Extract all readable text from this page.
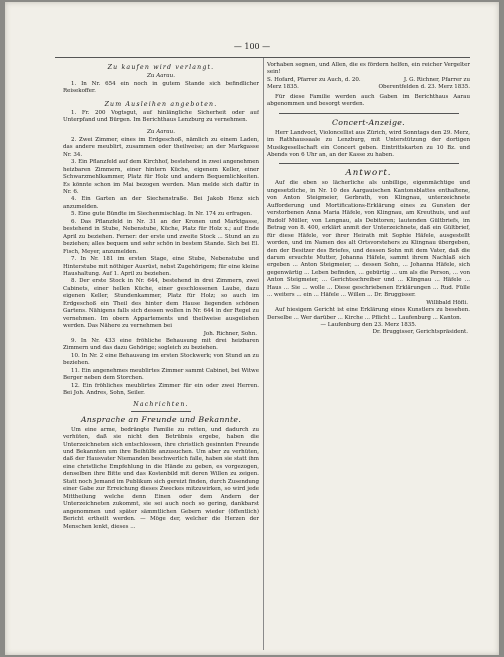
— 100 —
Zu kaufen wird verlangt.
Zu Aarau.

1. In Nr. 654 ein noch in gutem Stande sich befindlicher Reisekoffer.

Zum Ausleihen angeboten.

1. Fr. 200 Vogtsgut, auf hinlängliche Sicherheit oder auf Unterpfand und Bürgen. Im Berichthaus Lenzburg zu vernehmen.

Zu Aarau.

2. Zwei Zimmer, eines im Erdgeschoß, nämlich zu einem Laden, das andere meublirt, zusammen oder theilweise; an der Markgasse Nr. 34.

3. Ein Pflanzfeld auf dem Kirchhof, bestehend in zwei angenehmen heizbaren Zimmern, einer hintern Küche, eigenem Keller, einer Schwarzmehlkammer, Platz für Holz und andern Bequemlichkeiten. Es könnte schon im Mai bezogen werden. Man melde sich dafür in Nr. 6.

4. Ein Garten an der Siechenstraße. Bei Jakob Henz sich anzumelden.

5. Eine gute Bündte im Siechenmischlag. In Nr. 174 zu erfragen.

6. Das Pflanzfeld in Nr. 31 an der Kronen und Marktgasse, bestehend in Stube, Nebenstube, Küche, Platz für Holz x.; auf Ende April zu beziehen. Ferner: der erste und zweite Stock ... Stund an zu beziehen; alles bequem und sehr schön in bestem Stande. Sich bei El. Fisch, Meyer, anzumelden.

7. In Nr. 181 im ersten Stage, eine Stube, Nebenstube und Hinterstube mit nöthiger Ausrüst, nebst Zugehörigem; für eine kleine Haushaltung. Auf 1. April zu beziehen.

8. Der erste Stock in Nr. 644, bestehend in drei Zimmern, zwei Cabinets, einer hellen Küche, einer geschlossenen Laube, dazu eigenen Keller, Stundenkammer, Platz für Holz; so auch im Erdgeschoß ein Theil des hinter dem Hause liegenden schönen Gartens. Nähigens falls sich dessen wollen in Nr. 644 in der Regel zu vernehmen. Im obern Appartements und theilweise ausgeliehen werden. Das Nähere zu vernehmen bei

Joh. Richner, Sohn.

9. In Nr. 433 eine fröhliche Behausung mit drei heizbaren Zimmern und das dazu Gehörige; sogleich zu beziehen.

10. In Nr. 2 eine Behausung im ersten Stockwerk; von Stund an zu beziehen.

11. Ein angenehmes meublirtes Zimmer sammt Cabinet, bei Witwe Berger neben dem Storchen.

12. Ein fröhliches meublirtes Zimmer für ein oder zwei Herren. Bei Joh. Andres, Sohn, Seiler.

Nachrichten.
Ansprache an Freunde und Bekannte.

Um eine arme, bedrängte Familie zu retten, und dadurch zu verhüten, daß sie nicht den Betrübnis ergebe, haben die Unterzeichneten sich entschlossen, ihre christlich gesinnten Freunde und Bekannten um ihre Beihülfe anzusuchen. Um aber zu verhüten, daß der Hausvater Niemanden beschwerlich falle, haben sie statt ihm eine christliche Empfehlung in die Hände zu geben, es vorgezogen, denselben ihre Bitte und das Kostenbild mit deren Willen zu zeigen. Statt noch Jemand im Publikum sich gereizt finden, durch Zusendung einer Gabe zur Erreichung dieses Zweckes mitzuwirken, so wird jede Mittheilung welche denn Einen oder dem Andern der Unterzeichneten zukommt, sie sei auch noch so gering, dankbarst angenommen und später sämmtlichen Gebern wieder (öffentlich) Bericht ertheilt werden. — Möge der, welcher die Herzen der Menschen lenkt, dieses ...

Vorhaben segnen, und Allen, die es fördern helfen, ein reicher Vergelter sein!

S. Hofard, Pfarrer zu Auch, d. 20. Merz 1835.
J. G. Richner, Pfarrer zu Oberentfelden d. 23. Merz 1835.

Für diese Familie werden auch Gaben im Berichthaus Aarau abgenommen und besorgt werden.

Concert-Anzeige.

Herr Landvoct, Violoncellist aus Zürich, wird Sonntags den 29. Merz, im Rathhaussaale zu Lenzburg, mit Unterstützung der dortigen Musikgesellschaft ein Concert geben. Eintrittskarten zu 10 Bz. und Abends von 6 Uhr an, an der Kasse zu haben.

Antwort.

Auf die eben so lächerliche als unbillige, eigenmächtige und ungesetzliche, in Nr. 10 des Aargauischen Kantonsblattes enthaltene, von Anton Steigmeier, Gerbrath, von Klingnau, unterzeichnete Aufforderung und Mortifications-Erklärung eines zu Gunsten der verstorbenen Anna Maria Häfele, von Klingnau, am Kreuthuis, und auf Rudolf Müller, von Lengnau, als Debitoren; lautenden Gültbriefs, im Betrag von 8. 400, erklärt anmit der Unterzeichnete, daß ein Gültbrief, für diese Häfele, vor ihrer Heirath mit Sophie Häfele, ausgestellt worden, und im Namen des alt Ortsvorstehers zu Klingnau übergeben, den der Besitzer des Briefes, und dessen Sohn mit dem Vater, daß die darum ersuchte Mutter, Johanna Häfele, sammt ihrem Nachlaß sich ergeben ... Anton Steigmeier, ... dessen Sohn, ... Johanna Häfele, sich gegenwärtig ... Leben befinden, ... gebürtig ... um als die Person, ... von Anton Steigmeier, ... Gerichtsschreiber und ... Klingnau ... Häfele ... Haus ... Sie ... wolle ... Diese geschriebenen Erklärungen ... Rud. Fülle ... weiters ... ein ... Häfele ... Willen ... Dr. Bruggisser.

Willibald Höfli.

Auf hiesigem Gericht ist eine Erklärung eines Kunstlers zu besehen. Derselbe ... Wer darüber ... Kirche ... Pflicht ... Laufenburg ... Kanton.

— Laufenburg den 23. Merz 1835.

Dr. Bruggisser, Gerichtspräsident.
